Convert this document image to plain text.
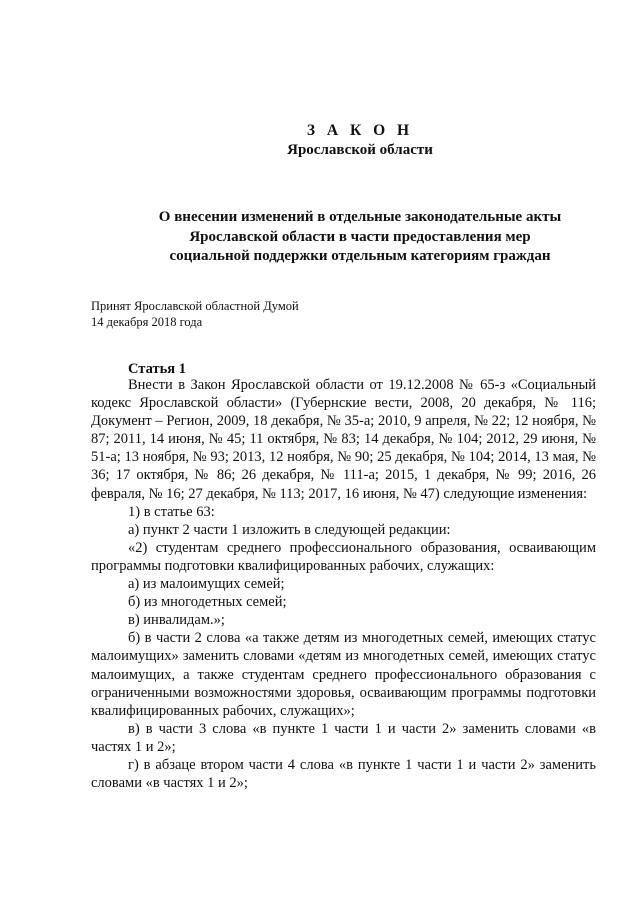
З А К О Н
Ярославской области
О внесении изменений в отдельные законодательные акты
Ярославской области в части предоставления мер
социальной поддержки отдельным категориям граждан
Принят Ярославской областной Думой
14 декабря 2018 года
Статья 1

Внести в Закон Ярославской области от 19.12.2008 № 65-з «Социальный кодекс Ярославской области» (Губернские вести, 2008, 20 декабря, № 116; Документ – Регион, 2009, 18 декабря, № 35-а; 2010, 9 апреля, № 22; 12 ноября, № 87; 2011, 14 июня, № 45; 11 октября, № 83; 14 декабря, № 104; 2012, 29 июня, № 51-а; 13 ноября, № 93; 2013, 12 ноября, № 90; 25 декабря, № 104; 2014, 13 мая, № 36; 17 октября, № 86; 26 декабря, № 111-а; 2015, 1 декабря, № 99; 2016, 26 февраля, № 16; 27 декабря, № 113; 2017, 16 июня, № 47) следующие изменения:

1) в статье 63:

а) пункт 2 части 1 изложить в следующей редакции:

«2) студентам среднего профессионального образования, осваивающим программы подготовки квалифицированных рабочих, служащих:

а) из малоимущих семей;

б) из многодетных семей;

в) инвалидам.»;

б) в части 2 слова «а также детям из многодетных семей, имеющих статус малоимущих» заменить словами «детям из многодетных семей, имеющих статус малоимущих, а также студентам среднего профессионального образования с ограниченными возможностями здоровья, осваивающим программы подготовки квалифицированных рабочих, служащих»;

в) в части 3 слова «в пункте 1 части 1 и части 2» заменить словами «в частях 1 и 2»;

г) в абзаце втором части 4 слова «в пункте 1 части 1 и части 2» заменить словами «в частях 1 и 2»;
